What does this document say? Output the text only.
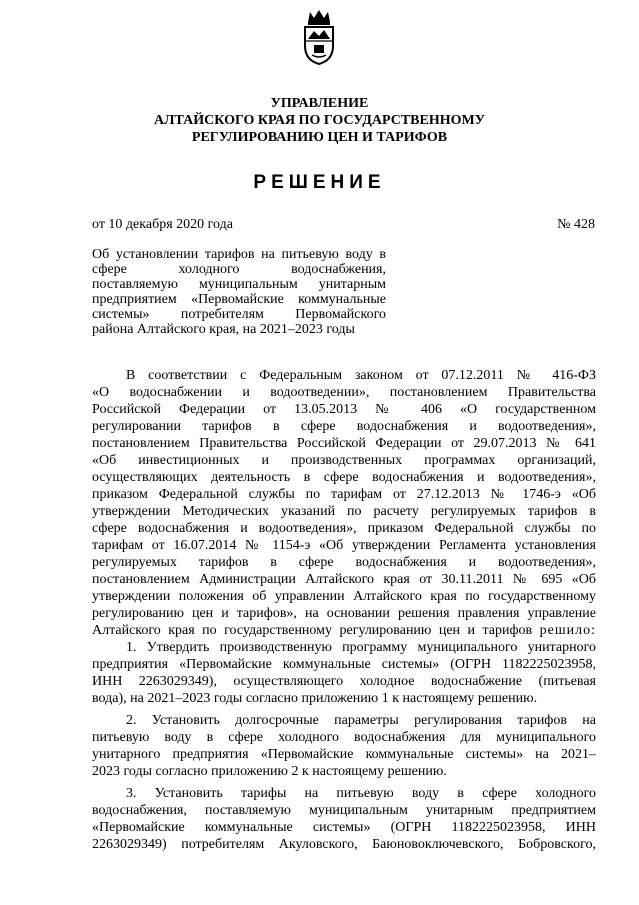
УПРАВЛЕНИЕ
АЛТАЙСКОГО КРАЯ ПО ГОСУДАРСТВЕННОМУ
РЕГУЛИРОВАНИЮ ЦЕН И ТАРИФОВ
РЕШЕНИЕ
от 10 декабря 2020 года	№ 428
Об установлении тарифов на питьевую воду в
сфере холодного водоснабжения,
поставляемую муниципальным унитарным
предприятием «Первомайские коммунальные
системы» потребителям Первомайского
района Алтайского края, на 2021–2023 годы
В соответствии с Федеральным законом от 07.12.2011 № 416-ФЗ
«О водоснабжении и водоотведении», постановлением Правительства
Российской Федерации от 13.05.2013 № 406 «О государственном
регулировании тарифов в сфере водоснабжения и водоотведения»,
постановлением Правительства Российской Федерации от 29.07.2013 № 641
«Об инвестиционных и производственных программах организаций,
осуществляющих деятельность в сфере водоснабжения и водоотведения»,
приказом Федеральной службы по тарифам от 27.12.2013 № 1746-э «Об
утверждении Методических указаний по расчету регулируемых тарифов в
сфере водоснабжения и водоотведения», приказом Федеральной службы по
тарифам от 16.07.2014 № 1154-э «Об утверждении Регламента установления
регулируемых тарифов в сфере водоснабжения и водоотведения»,
постановлением Администрации Алтайского края от 30.11.2011 № 695 «Об
утверждении положения об управлении Алтайского края по государственному
регулированию цен и тарифов», на основании решения правления управление
Алтайского края по государственному регулированию цен и тарифов решило:
1. Утвердить производственную программу муниципального унитарного
предприятия «Первомайские коммунальные системы» (ОГРН 1182225023958,
ИНН 2263029349), осуществляющего холодное водоснабжение (питьевая
вода), на 2021–2023 годы согласно приложению 1 к настоящему решению.
2. Установить долгосрочные параметры регулирования тарифов на
питьевую воду в сфере холодного водоснабжения для муниципального
унитарного предприятия «Первомайские коммунальные системы» на 2021–
2023 годы согласно приложению 2 к настоящему решению.
3. Установить тарифы на питьевую воду в сфере холодного
водоснабжения, поставляемую муниципальным унитарным предприятием
«Первомайские коммунальные системы» (ОГРН 1182225023958, ИНН
2263029349) потребителям Акуловского, Баюновоключевского, Бобровского,
